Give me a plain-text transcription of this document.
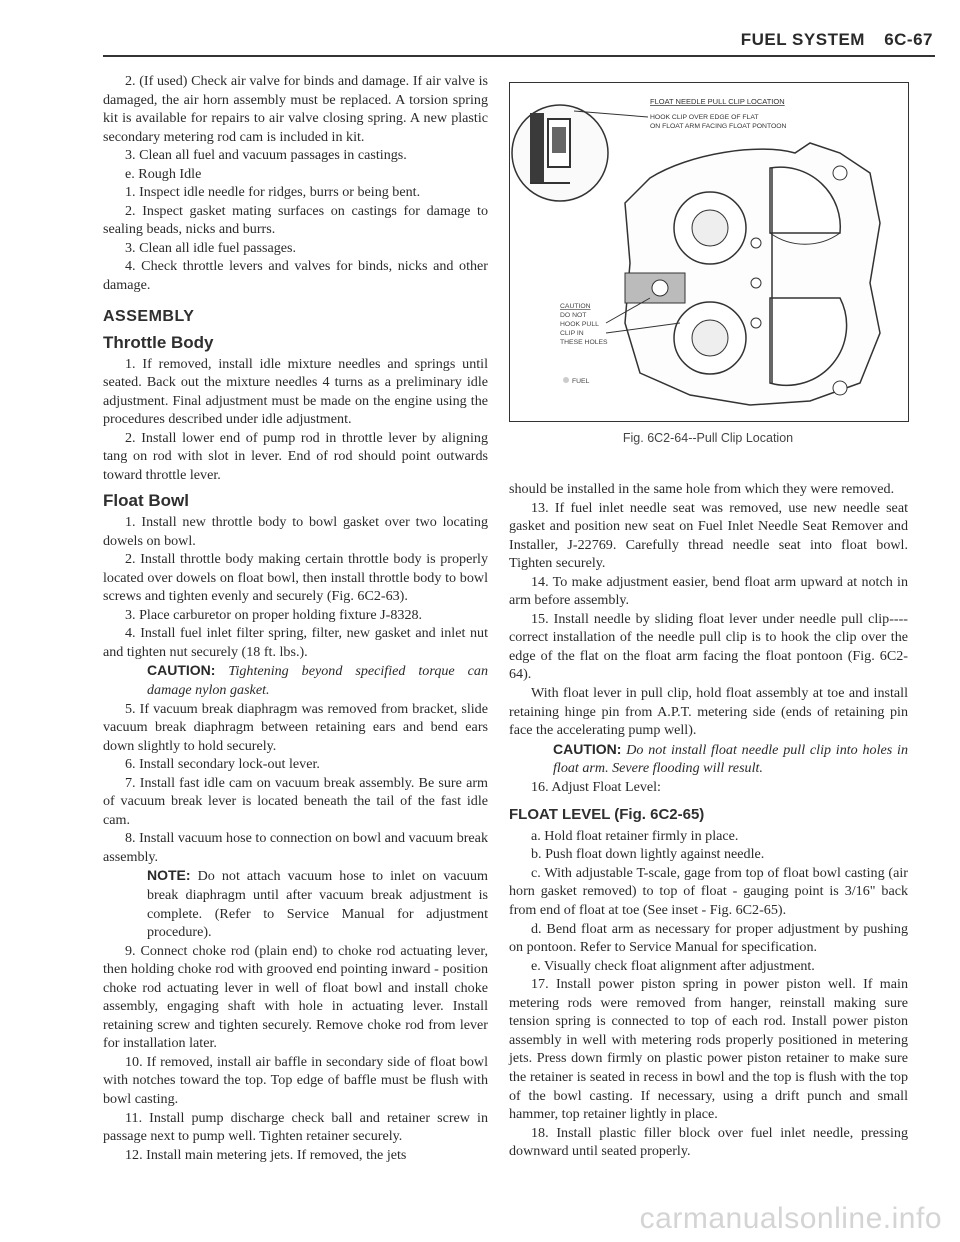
FUEL SYSTEM 6C-67

2. (If used) Check air valve for binds and damage. If air valve is damaged, the air horn assembly must be replaced. A torsion spring kit is available for repairs to air valve closing spring. A new plastic secondary metering rod cam is included in kit.

3. Clean all fuel and vacuum passages in castings.

e. Rough Idle

1. Inspect idle needle for ridges, burrs or being bent.

2. Inspect gasket mating surfaces on castings for damage to sealing beads, nicks and burrs.

3. Clean all idle fuel passages.

4. Check throttle levers and valves for binds, nicks and other damage.

ASSEMBLY
Throttle Body

1. If removed, install idle mixture needles and springs until seated. Back out the mixture needles 4 turns as a preliminary idle adjustment. Final adjustment must be made on the engine using the procedures described under idle adjustment.

2. Install lower end of pump rod in throttle lever by aligning tang on rod with slot in lever. End of rod should point outwards toward throttle lever.

Float Bowl

1. Install new throttle body to bowl gasket over two locating dowels on bowl.

2. Install throttle body making certain throttle body is properly located over dowels on float bowl, then install throttle body to bowl screws and tighten evenly and securely (Fig. 6C2-63).

3. Place carburetor on proper holding fixture J-8328.

4. Install fuel inlet filter spring, filter, new gasket and inlet nut and tighten nut securely (18 ft. lbs.).

CAUTION: Tightening beyond specified torque can damage nylon gasket.

5. If vacuum break diaphragm was removed from bracket, slide vacuum break diaphragm between retaining ears and bend ears down slightly to hold securely.

6. Install secondary lock-out lever.

7. Install fast idle cam on vacuum break assembly. Be sure arm of vacuum break lever is located beneath the tail of the fast idle cam.

8. Install vacuum hose to connection on bowl and vacuum break assembly.

NOTE: Do not attach vacuum hose to inlet on vacuum break diaphragm until after vacuum break adjustment is complete. (Refer to Service Manual for adjustment procedure).

9. Connect choke rod (plain end) to choke rod actuating lever, then holding choke rod with grooved end pointing inward - position choke rod actuating lever in well of float bowl and install choke assembly, engaging shaft with hole in actuating lever. Install retaining screw and tighten securely. Remove choke rod from lever for installation later.

10. If removed, install air baffle in secondary side of float bowl with notches toward the top. Top edge of baffle must be flush with bowl casting.

11. Install pump discharge check ball and retainer screw in passage next to pump well. Tighten retainer securely.

12. Install main metering jets. If removed, the jets

FLOAT NEEDLE PULL CLIP LOCATION
HOOK CLIP OVER EDGE OF FLAT
ON FLOAT ARM FACING FLOAT PONTOON
CAUTION
DO NOT
HOOK PULL
CLIP IN
THESE HOLES
FUEL
Fig. 6C2-64--Pull Clip Location

should be installed in the same hole from which they were removed.

13. If fuel inlet needle seat was removed, use new needle seat gasket and position new seat on Fuel Inlet Needle Seat Remover and Installer, J-22769. Carefully thread needle seat into float bowl. Tighten securely.

14. To make adjustment easier, bend float arm upward at notch in arm before assembly.

15. Install needle by sliding float lever under needle pull clip----correct installation of the needle pull clip is to hook the clip over the edge of the flat on the float arm facing the float pontoon (Fig. 6C2-64).

With float lever in pull clip, hold float assembly at toe and install retaining hinge pin from A.P.T. metering side (ends of retaining pin face the accelerating pump well).

CAUTION: Do not install float needle pull clip into holes in float arm. Severe flooding will result.

16. Adjust Float Level:

FLOAT LEVEL (Fig. 6C2-65)

a. Hold float retainer firmly in place.

b. Push float down lightly against needle.

c. With adjustable T-scale, gage from top of float bowl casting (air horn gasket removed) to top of float - gauging point is 3/16" back from end of float at toe (See inset - Fig. 6C2-65).

d. Bend float arm as necessary for proper adjustment by pushing on pontoon. Refer to Service Manual for specification.

e. Visually check float alignment after adjustment.

17. Install power piston spring in power piston well. If main metering rods were removed from hanger, reinstall making sure tension spring is connected to top of each rod. Install power piston assembly in well with metering rods properly positioned in metering jets. Press down firmly on plastic power piston retainer to make sure the retainer is seated in recess in bowl and the top is flush with the top of the bowl casting. If necessary, using a drift punch and small hammer, top retainer lightly in place.

18. Install plastic filler block over fuel inlet needle, pressing downward until seated properly.

carmanualsonline.info
